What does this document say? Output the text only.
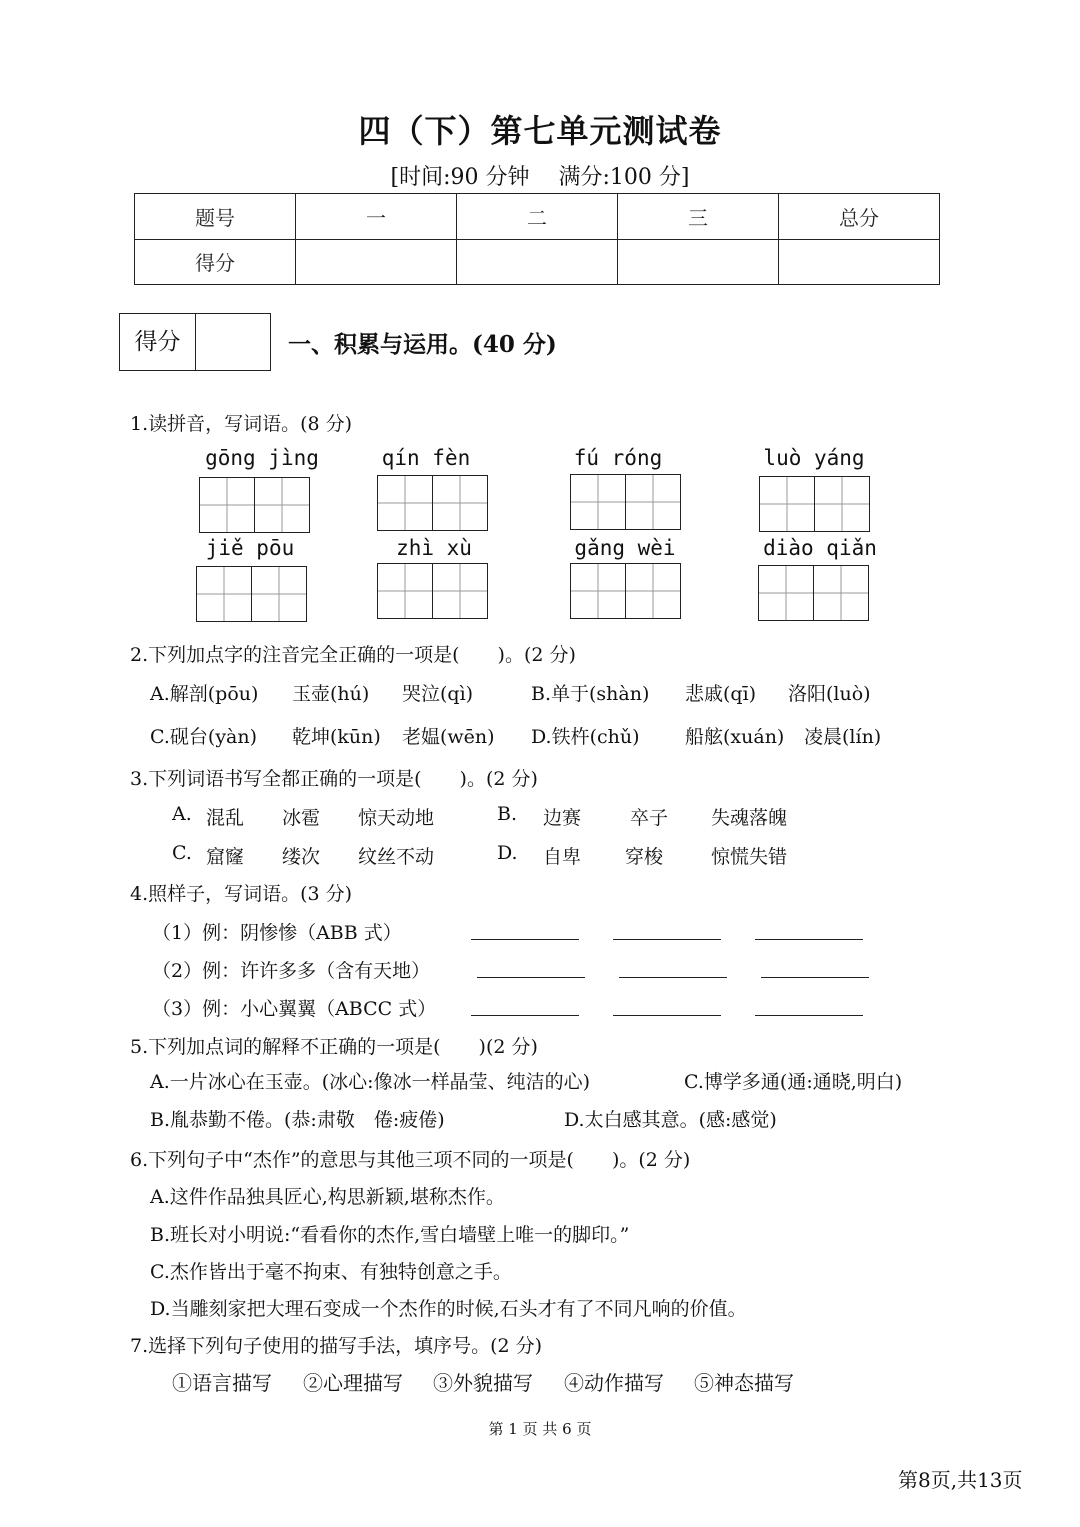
四（下）第七单元测试卷
[时间:90 分钟　 满分:100 分]
题号	一	二	三	总分
得分				
得分	一、积累与运用。(40 分)
1.读拼音，写词语。(8 分)
gōng jìng	qín fèn	fú róng	luò yáng
jiě pōu	zhì xù	gǎng wèi	diào qiǎn
2.下列加点字的注音完全正确的一项是(　　)。(2 分)
A.解剖(pōu) 玉壶(hú) 哭泣(qì)	B.单于(shàn) 悲戚(qī) 洛阳(luò)
C.砚台(yàn) 乾坤(kūn) 老媪(wēn) D.铁杵(chǔ) 船舷(xuán) 凌晨(lín)
3.下列词语书写全都正确的一项是(　　)。(2 分)
A. 混乱 冰雹 惊天动地	B. 边赛	卒子 失魂落魄
C. 窟窿 缕次 纹丝不动	D. 自卑 穿梭	惊慌失错
4.照样子，写词语。(3 分)
（1）例：阴惨惨（ABB 式）
（2）例：许许多多（含有天地）
（3）例：小心翼翼（ABCC 式）
5.下列加点词的解释不正确的一项是(　　)(2 分)
A.一片冰心在玉壶。(冰心:像冰一样晶莹、纯洁的心)	C.博学多通(通:通晓,明白)
B.胤恭勤不倦。(恭:肃敬　倦:疲倦)	D.太白感其意。(感:感觉)
6.下列句子中“杰作”的意思与其他三项不同的一项是(　　)。(2 分)
A.这件作品独具匠心,构思新颖,堪称杰作。
B.班长对小明说:“看看你的杰作,雪白墙壁上唯一的脚印。”
C.杰作皆出于毫不拘束、有独特创意之手。
D.当雕刻家把大理石变成一个杰作的时候,石头才有了不同凡响的价值。
7.选择下列句子使用的描写手法，填序号。(2 分)
①语言描写 ②心理描写 ③外貌描写 ④动作描写 ⑤神态描写
第 1 页 共 6 页
第8页,共13页
